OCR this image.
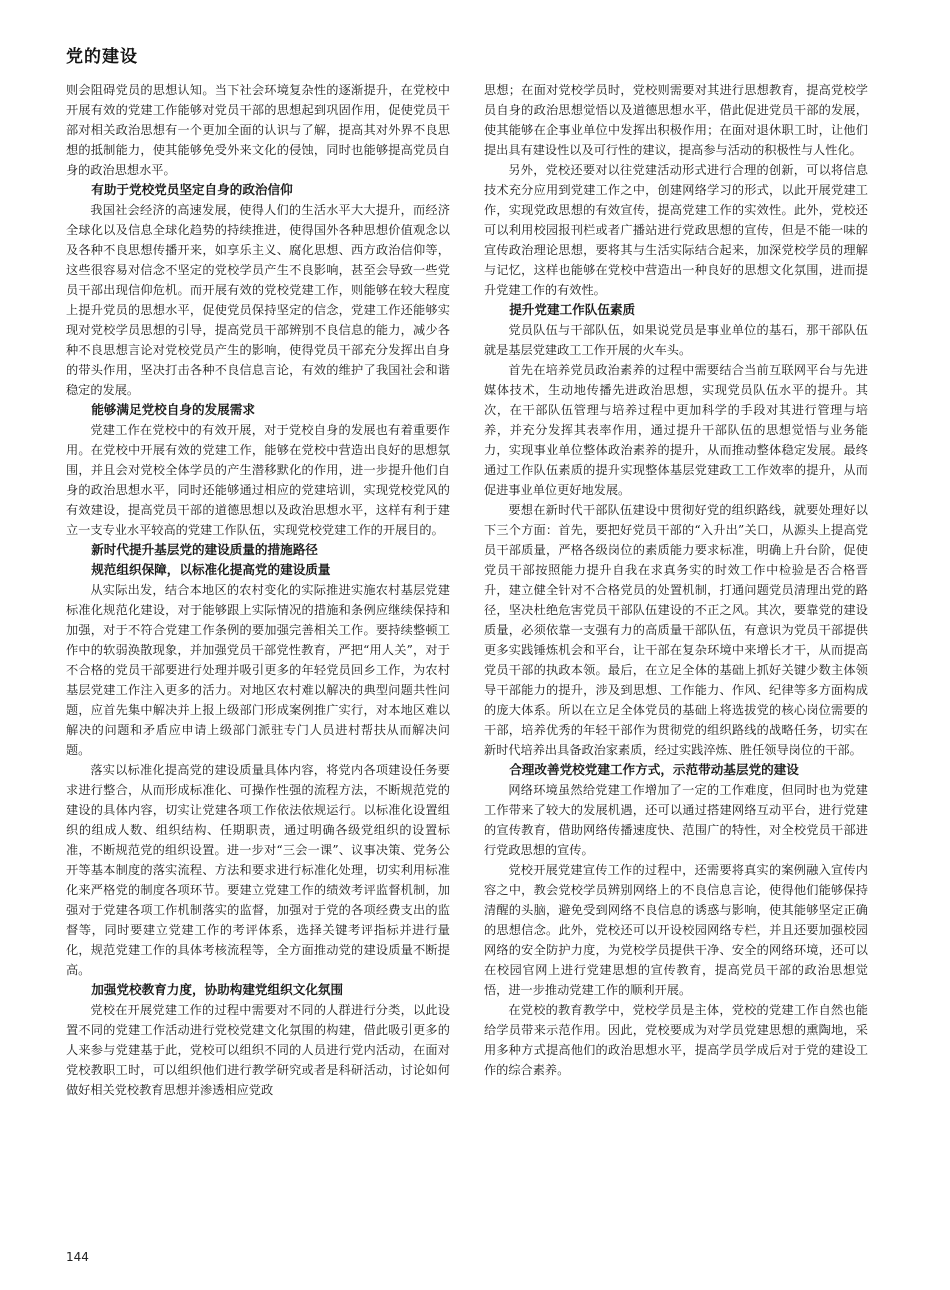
党的建设

则会阻碍党员的思想认知。当下社会环境复杂性的逐渐提升，在党校中开展有效的党建工作能够对党员干部的思想起到巩固作用，促使党员干部对相关政治思想有一个更加全面的认识与了解，提高其对外界不良思想的抵制能力，使其能够免受外来文化的侵蚀，同时也能够提高党员自身的政治思想水平。

有助于党校党员坚定自身的政治信仰

我国社会经济的高速发展，使得人们的生活水平大大提升，而经济全球化以及信息全球化趋势的持续推进，使得国外各种思想价值观念以及各种不良思想传播开来，如享乐主义、腐化思想、西方政治信仰等，这些很容易对信念不坚定的党校学员产生不良影响，甚至会导致一些党员干部出现信仰危机。而开展有效的党校党建工作，则能够在较大程度上提升党员的思想水平，促使党员保持坚定的信念，党建工作还能够实现对党校学员思想的引导，提高党员干部辨别不良信息的能力，减少各种不良思想言论对党校党员产生的影响，使得党员干部充分发挥出自身的带头作用，坚决打击各种不良信息言论，有效的维护了我国社会和谐稳定的发展。

能够满足党校自身的发展需求

党建工作在党校中的有效开展，对于党校自身的发展也有着重要作用。在党校中开展有效的党建工作，能够在党校中营造出良好的思想氛围，并且会对党校全体学员的产生潜移默化的作用，进一步提升他们自身的政治思想水平，同时还能够通过相应的党建培训，实现党校党风的有效建设，提高党员干部的道德思想以及政治思想水平，这样有利于建立一支专业水平较高的党建工作队伍，实现党校党建工作的开展目的。

新时代提升基层党的建设质量的措施路径
规范组织保障，以标准化提高党的建设质量

从实际出发，结合本地区的农村变化的实际推进实施农村基层党建标准化规范化建设，对于能够跟上实际情况的措施和条例应继续保持和加强，对于不符合党建工作条例的要加强完善相关工作。要持续整顿工作中的软弱涣散现象，并加强党员干部党性教育，严把“用人关”，对于不合格的党员干部要进行处理并吸引更多的年轻党员回乡工作，为农村基层党建工作注入更多的活力。对地区农村难以解决的典型问题共性问题，应首先集中解决并上报上级部门形成案例推广实行，对本地区难以解决的问题和矛盾应申请上级部门派驻专门人员进村帮扶从而解决问题。

落实以标准化提高党的建设质量具体内容，将党内各项建设任务要求进行整合，从而形成标准化、可操作性强的流程方法，不断规范党的建设的具体内容，切实让党建各项工作依法依规运行。以标准化设置组织的组成人数、组织结构、任期职责，通过明确各级党组织的设置标准，不断规范党的组织设置。进一步对“三会一课”、议事决策、党务公开等基本制度的落实流程、方法和要求进行标准化处理，切实利用标准化来严格党的制度各项环节。要建立党建工作的绩效考评监督机制，加强对于党建各项工作机制落实的监督，加强对于党的各项经费支出的监督等，同时要建立党建工作的考评体系，选择关键考评指标并进行量化，规范党建工作的具体考核流程等，全方面推动党的建设质量不断提高。

加强党校教育力度，协助构建党组织文化氛围

党校在开展党建工作的过程中需要对不同的人群进行分类，以此设置不同的党建工作活动进行党校党建文化氛围的构建，借此吸引更多的人来参与党建基于此，党校可以组织不同的人员进行党内活动，在面对党校教职工时，可以组织他们进行教学研究或者是科研活动，讨论如何做好相关党校教育思想并渗透相应党政

思想；在面对党校学员时，党校则需要对其进行思想教育，提高党校学员自身的政治思想觉悟以及道德思想水平，借此促进党员干部的发展，使其能够在企事业单位中发挥出积极作用；在面对退休职工时，让他们提出具有建设性以及可行性的建议，提高参与活动的积极性与人性化。

另外，党校还要对以往党建活动形式进行合理的创新，可以将信息技术充分应用到党建工作之中，创建网络学习的形式，以此开展党建工作，实现党政思想的有效宣传，提高党建工作的实效性。此外，党校还可以利用校园报刊栏或者广播站进行党政思想的宣传，但是不能一味的宣传政治理论思想，要将其与生活实际结合起来，加深党校学员的理解与记忆，这样也能够在党校中营造出一种良好的思想文化氛围，进而提升党建工作的有效性。

提升党建工作队伍素质

党员队伍与干部队伍，如果说党员是事业单位的基石，那干部队伍就是基层党建政工工作开展的火车头。

首先在培养党员政治素养的过程中需要结合当前互联网平台与先进媒体技术，生动地传播先进政治思想，实现党员队伍水平的提升。其次，在干部队伍管理与培养过程中更加科学的手段对其进行管理与培养，并充分发挥其表率作用，通过提升干部队伍的思想觉悟与业务能力，实现事业单位整体政治素养的提升，从而推动整体稳定发展。最终通过工作队伍素质的提升实现整体基层党建政工工作效率的提升，从而促进事业单位更好地发展。

要想在新时代干部队伍建设中贯彻好党的组织路线，就要处理好以下三个方面：首先，要把好党员干部的“入升出”关口，从源头上提高党员干部质量，严格各级岗位的素质能力要求标准，明确上升台阶，促使党员干部按照能力提升自我在求真务实的时效工作中检验是否合格晋升，建立健全针对不合格党员的处置机制，打通问题党员清理出党的路径，坚决杜绝危害党员干部队伍建设的不正之风。其次，要靠党的建设质量，必须依靠一支强有力的高质量干部队伍，有意识为党员干部提供更多实践锤炼机会和平台，让干部在复杂环境中来增长才干，从而提高党员干部的执政本领。最后，在立足全体的基础上抓好关键少数主体领导干部能力的提升，涉及到思想、工作能力、作风、纪律等多方面构成的庞大体系。所以在立足全体党员的基础上将选拔党的核心岗位需要的干部，培养优秀的年轻干部作为贯彻党的组织路线的战略任务，切实在新时代培养出具备政治家素质，经过实践淬炼、胜任领导岗位的干部。

合理改善党校党建工作方式，示范带动基层党的建设

网络环境虽然给党建工作增加了一定的工作难度，但同时也为党建工作带来了较大的发展机遇，还可以通过搭建网络互动平台，进行党建的宣传教育，借助网络传播速度快、范围广的特性，对全校党员干部进行党政思想的宣传。

党校开展党建宣传工作的过程中，还需要将真实的案例融入宣传内容之中，教会党校学员辨别网络上的不良信息言论，使得他们能够保持清醒的头脑，避免受到网络不良信息的诱惑与影响，使其能够坚定正确的思想信念。此外，党校还可以开设校园网络专栏，并且还要加强校园网络的安全防护力度，为党校学员提供干净、安全的网络环境，还可以在校园官网上进行党建思想的宣传教育，提高党员干部的政治思想觉悟，进一步推动党建工作的顺利开展。

在党校的教育教学中，党校学员是主体，党校的党建工作自然也能给学员带来示范作用。因此，党校要成为对学员党建思想的熏陶地，采用多种方式提高他们的政治思想水平，提高学员学成后对于党的建设工作的综合素养。

144
